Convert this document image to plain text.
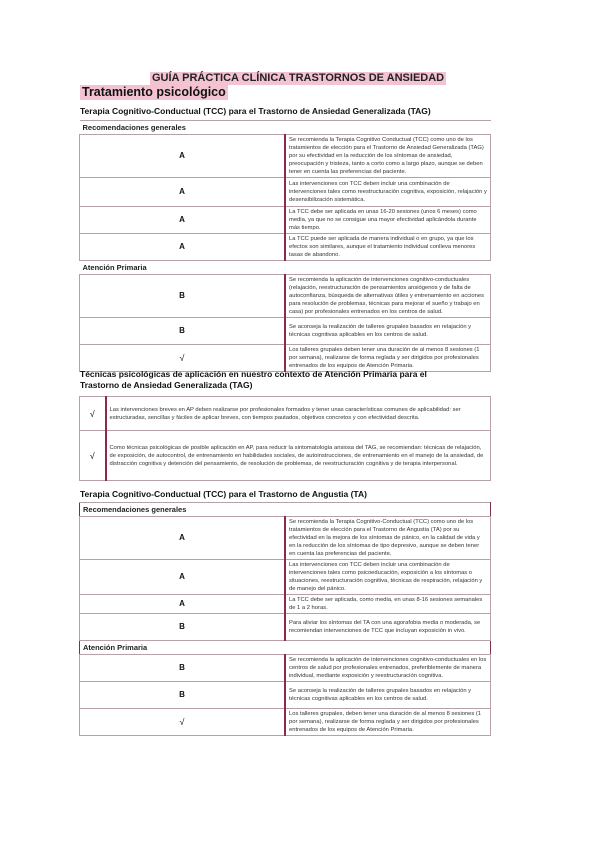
GUÍA PRÁCTICA CLÍNICA TRASTORNOS DE ANSIEDAD
Tratamiento psicológico
Terapia Cognitivo-Conductual (TCC) para el Trastorno de Ansiedad Generalizada (TAG)
Recomendaciones generales	
A	Se recomienda la Terapia Cognitivo Conductual (TCC) como uno de los tratamientos de elección para el Trastorno de Ansiedad Generalizada (TAG) por su efectividad en la reducción de los síntomas de ansiedad, preocupación y tristeza, tanto a corto como a largo plazo, aunque se deben tener en cuenta las preferencias del paciente.
A	Las intervenciones con TCC deben incluir una combinación de intervenciones tales como reestructuración cognitiva, exposición, relajación y desensibilización sistemática.
A	La TCC debe ser aplicada en unas 16-20 sesiones (unos 6 meses) como media, ya que no se consigue una mayor efectividad aplicándola durante más tiempo.
A	La TCC puede ser aplicada de manera individual o en grupo, ya que los efectos son similares, aunque el tratamiento individual conlleva menores tasas de abandono.
Atención Primaria	
B	Se recomienda la aplicación de intervenciones cognitivo-conductuales (relajación, reestructuración de pensamientos ansiógenos y de falta de autoconfianza, búsqueda de alternativas útiles y entrenamiento en acciones para resolución de problemas, técnicas para mejorar el sueño y trabajo en casa) por profesionales entrenados en los centros de salud.
B	Se aconseja la realización de talleres grupales basados en relajación y técnicas cognitivas aplicables en los centros de salud.
√	Los talleres grupales deben tener una duración de al menos 8 sesiones (1 por semana), realizarse de forma reglada y ser dirigidos por profesionales entrenados de los equipos de Atención Primaria.
Técnicas psicológicas de aplicación en nuestro contexto de Atención Primaria para el
Trastorno de Ansiedad Generalizada (TAG)
√	Las intervenciones breves en AP deben realizarse por profesionales formados y tener unas características comunes de aplicabilidad: ser estructuradas, sencillas y fáciles de aplicar breves, con tiempos pautados, objetivos concretos y con efectividad descrita.
√	Como técnicas psicológicas de posible aplicación en AP, para reducir la sintomatología ansiosa del TAG, se recomiendan: técnicas de relajación, de exposición, de autocontrol, de entrenamiento en habilidades sociales, de autoinstrucciones, de entrenamiento en el manejo de la ansiedad, de distracción cognitiva y detención del pensamiento, de resolución de problemas, de reestructuración cognitiva y de terapia interpersonal.
Terapia Cognitivo-Conductual (TCC) para el Trastorno de Angustia (TA)
Recomendaciones generales	
A	Se recomienda la Terapia Cognitivo-Conductual (TCC) como uno de los tratamientos de elección para el Trastorno de Angustia (TA) por su efectividad en la mejora de los síntomas de pánico, en la calidad de vida y en la reducción de los síntomas de tipo depresivo, aunque se deben tener en cuenta las preferencias del paciente.
A	Las intervenciones con TCC deben incluir una combinación de intervenciones tales como psicoeducación, exposición a los síntomas o situaciones, reestructuración cognitiva, técnicas de respiración, relajación y de manejo del pánico.
A	La TCC debe ser aplicada, como media, en unas 8-16 sesiones semanales de 1 a 2 horas.
B	Para aliviar los síntomas del TA con una agorafobia media o moderada, se recomiendan intervenciones de TCC que incluyan exposición in vivo.
Atención Primaria	
B	Se recomienda la aplicación de intervenciones cognitivo-conductuales en los centros de salud por profesionales entrenados, preferiblemente de manera individual, mediante exposición y reestructuración cognitiva.
B	Se aconseja la realización de talleres grupales basados en relajación y técnicas cognitivas aplicables en los centros de salud.
√	Los talleres grupales, deben tener una duración de al menos 8 sesiones (1 por semana), realizarse de forma reglada y ser dirigidos por profesionales entrenados de los equipos de Atención Primaria.
